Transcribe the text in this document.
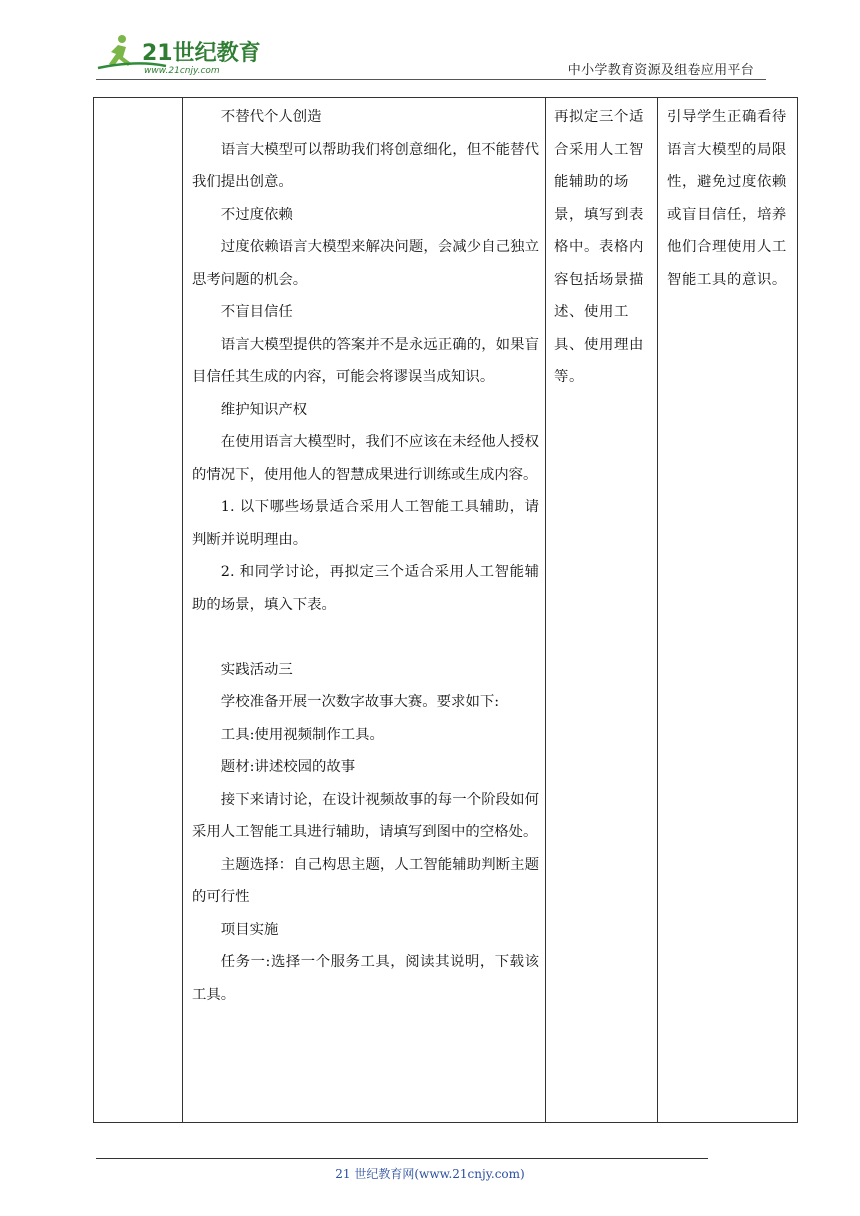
21世纪教育
www.21cnjy.com	中小学教育资源及组卷应用平台

不替代个人创造

语言大模型可以帮助我们将创意细化，但不能替代我们提出创意。

不过度依赖

过度依赖语言大模型来解决问题，会减少自己独立思考问题的机会。

不盲目信任

语言大模型提供的答案并不是永远正确的，如果盲目信任其生成的内容，可能会将谬误当成知识。

维护知识产权

在使用语言大模型时，我们不应该在未经他人授权的情况下，使用他人的智慧成果进行训练或生成内容。

1. 以下哪些场景适合采用人工智能工具辅助，请判断并说明理由。

2. 和同学讨论，再拟定三个适合采用人工智能辅助的场景，填入下表。

实践活动三

学校准备开展一次数字故事大赛。要求如下:

工具:使用视频制作工具。

题材:讲述校园的故事

接下来请讨论，在设计视频故事的每一个阶段如何采用人工智能工具进行辅助，请填写到图中的空格处。

主题选择：自己构思主题，人工智能辅助判断主题的可行性

项目实施

任务一:选择一个服务工具，阅读其说明，下载该工具。

再拟定三个适合采用人工智能辅助的场景，填写到表格中。表格内容包括场景描述、使用工具、使用理由等。

引导学生正确看待语言大模型的局限性，避免过度依赖或盲目信任，培养他们合理使用人工智能工具的意识。

21 世纪教育网(www.21cnjy.com)
